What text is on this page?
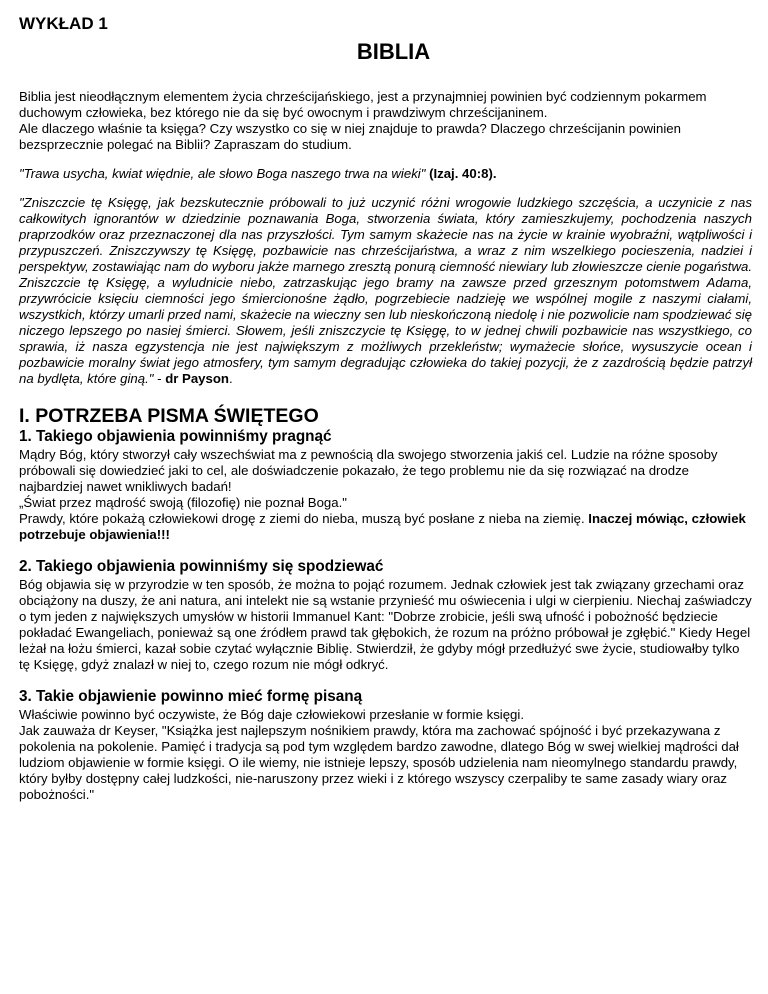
WYKŁAD 1
BIBLIA

Biblia jest nieodłącznym elementem życia chrześcijańskiego, jest a przynajmniej powinien być codziennym pokarmem duchowym człowieka, bez którego nie da się być owocnym i prawdziwym chrześcijaninem.

Ale dlaczego właśnie ta księga? Czy wszystko co się w niej znajduje to prawda? Dlaczego chrześcijanin powinien bezsprzecznie polegać na Biblii? Zapraszam do studium.

"Trawa usycha, kwiat więdnie, ale słowo Boga naszego trwa na wieki" (Izaj. 40:8).

"Zniszczcie tę Księgę, jak bezskutecznie próbowali to już uczynić różni wrogowie ludzkiego szczęścia, a uczynicie z nas całkowitych ignorantów w dziedzinie poznawania Boga, stworzenia świata, który zamieszkujemy, pochodzenia naszych praprzodków oraz przeznaczonej dla nas przyszłości. Tym samym skażecie nas na życie w krainie wyobraźni, wątpliwości i przypuszczeń. Zniszczywszy tę Księgę, pozbawicie nas chrześcijaństwa, a wraz z nim wszelkiego pocieszenia, nadziei i perspektyw, zostawiając nam do wyboru jakże marnego zresztą ponurą ciemność niewiary lub złowieszcze cienie pogaństwa. Zniszczcie tę Księgę, a wyludnicie niebo, zatrzaskując jego bramy na zawsze przed grzesznym potomstwem Adama, przywrócicie księciu ciemności jego śmiercionośne żądło, pogrzebiecie nadzieję we wspólnej mogile z naszymi ciałami, wszystkich, którzy umarli przed nami, skażecie na wieczny sen lub nieskończoną niedolę i nie pozwolicie nam spodziewać się niczego lepszego po nasiej śmierci. Słowem, jeśli zniszczycie tę Księgę, to w jednej chwili pozbawicie nas wszystkiego, co sprawia, iż nasza egzystencja nie jest największym z możliwych przekleństw; wymażecie słońce, wysuszycie ocean i pozbawicie moralny świat jego atmosfery, tym samym degradując człowieka do takiej pozycji, że z zazdrością będzie patrzył na bydlęta, które giną." - dr Payson.

I. POTRZEBA PISMA ŚWIĘTEGO
1. Takiego objawienia powinniśmy pragnąć

Mądry Bóg, który stworzył cały wszechświat ma z pewnością dla swojego stworzenia jakiś cel. Ludzie na różne sposoby próbowali się dowiedzieć jaki to cel, ale doświadczenie pokazało, że tego problemu nie da się rozwiązać na drodze najbardziej nawet wnikliwych badań!

„Świat przez mądrość swoją (filozofię) nie poznał Boga."

Prawdy, które pokażą człowiekowi drogę z ziemi do nieba, muszą być posłane z nieba na ziemię. Inaczej mówiąc, człowiek potrzebuje objawienia!!!

2. Takiego objawienia powinniśmy się spodziewać

Bóg objawia się w przyrodzie w ten sposób, że można to pojąć rozumem. Jednak człowiek jest tak związany grzechami oraz obciążony na duszy, że ani natura, ani intelekt nie są wstanie przynieść mu oświecenia i ulgi w cierpieniu. Niechaj zaświadczy o tym jeden z największych umysłów w historii Immanuel Kant: "Dobrze zrobicie, jeśli swą ufność i pobożność będziecie pokładać Ewangeliach, ponieważ są one źródłem prawd tak głębokich, że rozum na próżno próbował je zgłębić." Kiedy Hegel leżał na łożu śmierci, kazał sobie czytać wyłącznie Biblię. Stwierdził, że gdyby mógł przedłużyć swe życie, studiowałby tylko tę Księgę, gdyż znalazł w niej to, czego rozum nie mógł odkryć.

3. Takie objawienie powinno mieć formę pisaną

Właściwie powinno być oczywiste, że Bóg daje człowiekowi przesłanie w formie księgi.

Jak zauważa dr Keyser, "Książka jest najlepszym nośnikiem prawdy, która ma zachować spójność i być przekazywana z pokolenia na pokolenie. Pamięć i tradycja są pod tym względem bardzo zawodne, dlatego Bóg w swej wielkiej mądrości dał ludziom objawienie w formie księgi. O ile wiemy, nie istnieje lepszy, sposób udzielenia nam nieomylnego standardu prawdy, który byłby dostępny całej ludzkości, nie-naruszony przez wieki i z którego wszyscy czerpaliby te same zasady wiary oraz pobożności."
